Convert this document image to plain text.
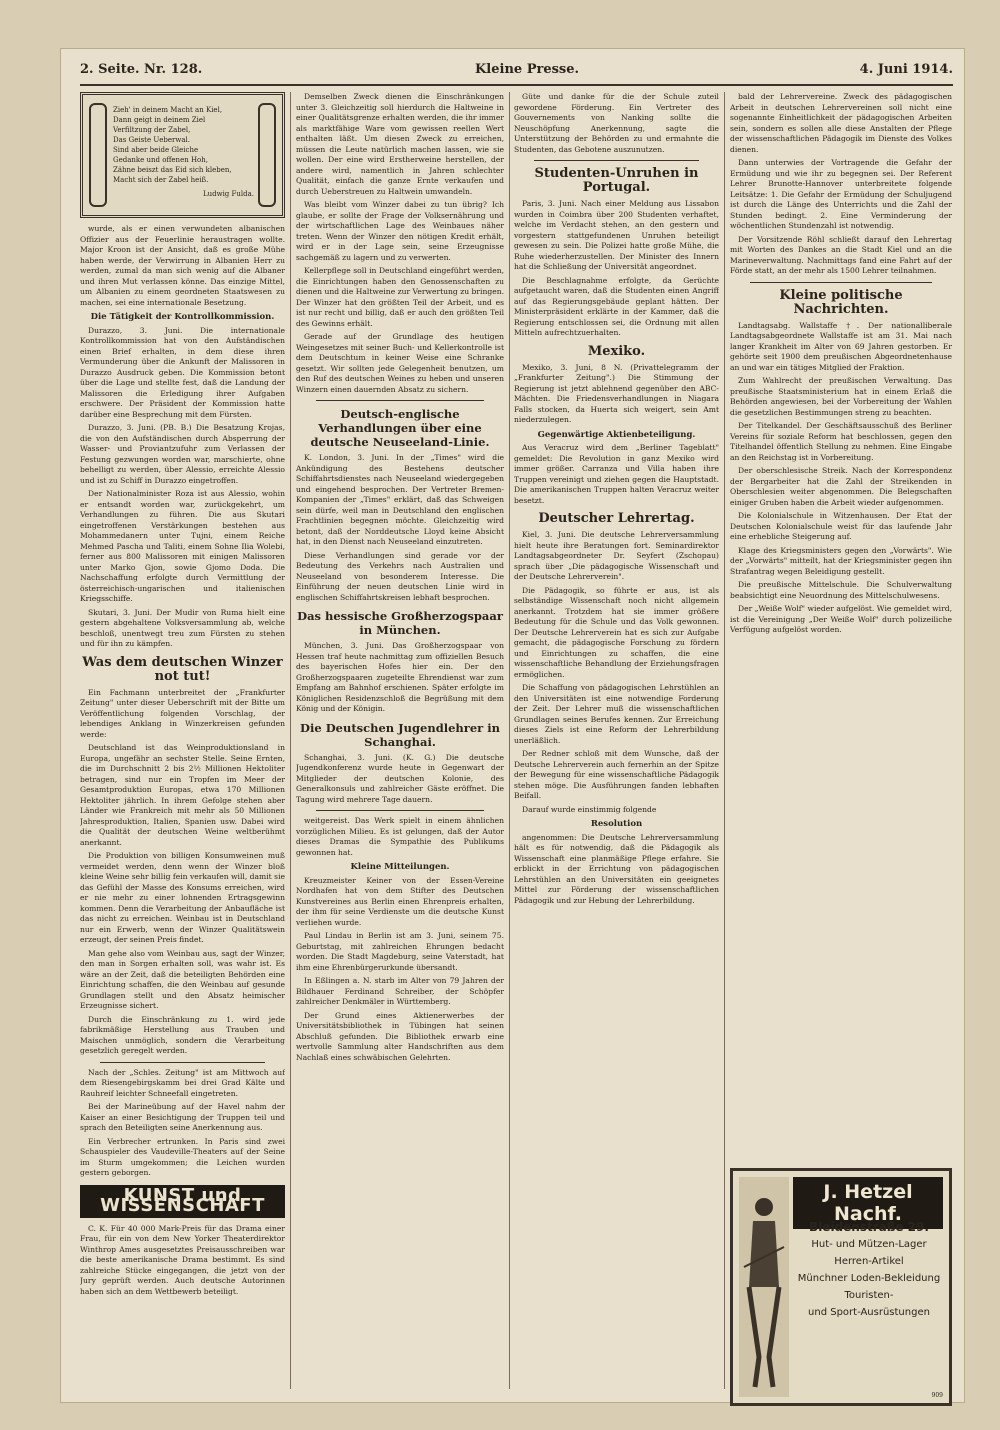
2. Seite. Nr. 128.	Kleine Presse.	4. Juni 1914.
Zieh' in deinem Macht an Kiel,
Dann geigt in deinem Ziel
Verfiltzung der Zabel,
Das Geiste Ueberwal.
Sind aber beide Gleiche
Gedanke und offenen Hoh,
Zähne beiszt das Eid sich kleben,
Macht sich der Zabel heiß.
Ludwig Fulda.

wurde, als er einen verwundeten albanischen Offizier aus der Feuerlinie heraustragen wollte. Major Kroon ist der Ansicht, daß es große Mühe haben werde, der Verwirrung in Albanien Herr zu werden, zumal da man sich wenig auf die Albaner und ihren Mut verlassen könne. Das einzige Mittel, um Albanien zu einem geordneten Staatswesen zu machen, sei eine internationale Besetzung.

Die Tätigkeit der Kontrollkommission.

Durazzo, 3. Juni. Die internationale Kontrollkommission hat von den Aufständischen einen Brief erhalten, in dem diese ihren Vermunderung über die Ankunft der Malissoren in Durazzo Ausdruck geben. Die Kommission betont über die Lage und stellte fest, daß die Landung der Malissoren die Erledigung ihrer Aufgaben erschwere. Der Präsident der Kommission hatte darüber eine Besprechung mit dem Fürsten.

Durazzo, 3. Juni. (PB. B.) Die Besatzung Krojas, die von den Aufständischen durch Absperrung der Wasser- und Proviantzufuhr zum Verlassen der Festung gezwungen worden war, marschierte, ohne behelligt zu werden, über Alessio, erreichte Alessio und ist zu Schiff in Durazzo eingetroffen.

Der Nationalminister Roza ist aus Alessio, wohin er entsandt worden war, zurückgekehrt, um Verhandlungen zu führen. Die aus Skutari eingetroffenen Verstärkungen bestehen aus Mohammedanern unter Tujni, einem Reiche Mehmed Pascha und Taliti, einem Sohne Ilia Wolebi, ferner aus 800 Malissoren mit einigen Malissoren unter Marko Gjon, sowie Gjomo Doda. Die Nachschaffung erfolgte durch Vermittlung der österreichisch-ungarischen und italienischen Kriegsschiffe.

Skutari, 3. Juni. Der Mudir von Ruma hielt eine gestern abgehaltene Volksversammlung ab, welche beschloß, unentwegt treu zum Fürsten zu stehen und für ihn zu kämpfen.

Was dem deutschen Winzer not tut!

Ein Fachmann unterbreitet der „Frankfurter Zeitung" unter dieser Ueberschrift mit der Bitte um Veröffentlichung folgenden Vorschlag, der lebendiges Anklang in Winzerkreisen gefunden werde:

Deutschland ist das Weinproduktionsland in Europa, ungefähr an sechster Stelle. Seine Ernten, die im Durchschnitt 2 bis 2½ Millionen Hektoliter betragen, sind nur ein Tropfen im Meer der Gesamtproduktion Europas, etwa 170 Millionen Hektoliter jährlich. In ihrem Gefolge stehen aber Länder wie Frankreich mit mehr als 50 Millionen Jahresproduktion, Italien, Spanien usw. Dabei wird die Qualität der deutschen Weine weltberühmt anerkannt.

Die Produktion von billigen Konsumweinen muß vermeidet werden, denn wenn der Winzer bloß kleine Weine sehr billig fein verkaufen will, damit sie das Gefühl der Masse des Konsums erreichen, wird er nie mehr zu einer lohnenden Ertragsgewinn kommen. Denn die Verarbeitung der Anbaufläche ist das nicht zu erreichen. Weinbau ist in Deutschland nur ein Erwerb, wenn der Winzer Qualitätswein erzeugt, der seinen Preis findet.

Man gehe also vom Weinbau aus, sagt der Winzer, den man in Sorgen erhalten soll, was wahr ist. Es wäre an der Zeit, daß die beteiligten Behörden eine Einrichtung schaffen, die den Weinbau auf gesunde Grundlagen stellt und den Absatz heimischer Erzeugnisse sichert.

Durch die Einschränkung zu 1. wird jede fabrikmäßige Herstellung aus Trauben und Maischen unmöglich, sondern die Verarbeitung gesetzlich geregelt werden.

Nach der „Schles. Zeitung" ist am Mittwoch auf dem Riesengebirgskamm bei drei Grad Kälte und Rauhreif leichter Schneefall eingetreten.

Bei der Marineübung auf der Havel nahm der Kaiser an einer Besichtigung der Truppen teil und sprach den Beteiligten seine Anerkennung aus.

Ein Verbrecher ertrunken. In Paris sind zwei Schauspieler des Vaudeville-Theaters auf der Seine im Sturm umgekommen; die Leichen wurden gestern geborgen.

KUNST und WISSENSCHAFT

C. K. Für 40 000 Mark-Preis für das Drama einer Frau, für ein von dem New Yorker Theaterdirektor Winthrop Ames ausgesetztes Preisausschreiben war die beste amerikanische Drama bestimmt. Es sind zahlreiche Stücke eingegangen, die jetzt von der Jury geprüft werden. Auch deutsche Autorinnen haben sich an dem Wettbewerb beteiligt.

Demselben Zweck dienen die Einschränkungen unter 3. Gleichzeitig soll hierdurch die Haltweine in einer Qualitätsgrenze erhalten werden, die ihr immer als marktfähige Ware vom gewissen reellen Wert enthalten läßt. Um diesen Zweck zu erreichen, müssen die Leute natürlich machen lassen, wie sie wollen. Der eine wird Erstherweine herstellen, der andere wird, namentlich in Jahren schlechter Qualität, einfach die ganze Ernte verkaufen und durch Ueberstreuen zu Haltwein umwandeln.

Was bleibt vom Winzer dabei zu tun übrig? Ich glaube, er sollte der Frage der Volksernährung und der wirtschaftlichen Lage des Weinbaues näher treten. Wenn der Winzer den nötigen Kredit erhält, wird er in der Lage sein, seine Erzeugnisse sachgemäß zu lagern und zu verwerten.

Kellerpflege soll in Deutschland eingeführt werden, die Einrichtungen haben den Genossenschaften zu dienen und die Haltweine zur Verwertung zu bringen. Der Winzer hat den größten Teil der Arbeit, und es ist nur recht und billig, daß er auch den größten Teil des Gewinns erhält.

Gerade auf der Grundlage des heutigen Weingesetzes mit seiner Buch- und Kellerkontrolle ist dem Deutschtum in keiner Weise eine Schranke gesetzt. Wir sollten jede Gelegenheit benutzen, um den Ruf des deutschen Weines zu heben und unseren Winzern einen dauernden Absatz zu sichern.

Deutsch-englische Verhandlungen über eine deutsche Neuseeland-Linie.

K. London, 3. Juni. In der „Times" wird die Ankündigung des Bestehens deutscher Schiffahrtsdienstes nach Neuseeland wiedergegeben und eingehend besprochen. Der Vertreter Bremen-Kompanien der „Times" erklärt, daß das Schweigen sein dürfe, weil man in Deutschland den englischen Frachtlinien begegnen möchte. Gleichzeitig wird betont, daß der Norddeutsche Lloyd keine Absicht hat, in den Dienst nach Neuseeland einzutreten.

Diese Verhandlungen sind gerade vor der Bedeutung des Verkehrs nach Australien und Neuseeland von besonderem Interesse. Die Einführung der neuen deutschen Linie wird in englischen Schiffahrtskreisen lebhaft besprochen.

Das hessische Großherzogspaar in München.

München, 3. Juni. Das Großherzogspaar von Hessen traf heute nachmittag zum offiziellen Besuch des bayerischen Hofes hier ein. Der den Großherzogspaaren zugeteilte Ehrendienst war zum Empfang am Bahnhof erschienen. Später erfolgte im Königlichen Residenzschloß die Begrüßung mit dem König und der Königin.

Die Deutschen Jugendlehrer in Schanghai.

Schanghai, 3. Juni. (K. G.) Die deutsche Jugendkonferenz wurde heute in Gegenwart der Mitglieder der deutschen Kolonie, des Generalkonsuls und zahlreicher Gäste eröffnet. Die Tagung wird mehrere Tage dauern.

weitgereist. Das Werk spielt in einem ähnlichen vorzüglichen Milieu. Es ist gelungen, daß der Autor dieses Dramas die Sympathie des Publikums gewonnen hat.

Kleine Mitteilungen.

Kreuzmeister Keiner von der Essen-Vereine Nordhafen hat von dem Stifter des Deutschen Kunstvereines aus Berlin einen Ehrenpreis erhalten, der ihm für seine Verdienste um die deutsche Kunst verliehen wurde.

Paul Lindau in Berlin ist am 3. Juni, seinem 75. Geburtstag, mit zahlreichen Ehrungen bedacht worden. Die Stadt Magdeburg, seine Vaterstadt, hat ihm eine Ehrenbürgerurkunde übersandt.

In Eßlingen a. N. starb im Alter von 79 Jahren der Bildhauer Ferdinand Schreiber, der Schöpfer zahlreicher Denkmäler in Württemberg.

Der Grund eines Aktienerwerbes der Universitätsbibliothek in Tübingen hat seinen Abschluß gefunden. Die Bibliothek erwarb eine wertvolle Sammlung alter Handschriften aus dem Nachlaß eines schwäbischen Gelehrten.

Güte und danke für die der Schule zuteil gewordene Förderung. Ein Vertreter des Gouvernements von Nanking sollte die Neuschöpfung Anerkennung, sagte die Unterstützung der Behörden zu und ermahnte die Studenten, das Gebotene auszunutzen.

Studenten-Unruhen in Portugal.

Paris, 3. Juni. Nach einer Meldung aus Lissabon wurden in Coimbra über 200 Studenten verhaftet, welche im Verdacht stehen, an den gestern und vorgestern stattgefundenen Unruhen beteiligt gewesen zu sein. Die Polizei hatte große Mühe, die Ruhe wiederherzustellen. Der Minister des Innern hat die Schließung der Universität angeordnet.

Die Beschlagnahme erfolgte, da Gerüchte aufgetaucht waren, daß die Studenten einen Angriff auf das Regierungsgebäude geplant hätten. Der Ministerpräsident erklärte in der Kammer, daß die Regierung entschlossen sei, die Ordnung mit allen Mitteln aufrechtzuerhalten.

Mexiko.

Mexiko, 3. Juni, 8 N. (Privattelegramm der „Frankfurter Zeitung".) Die Stimmung der Regierung ist jetzt ablehnend gegenüber den ABC-Mächten. Die Friedensverhandlungen in Niagara Falls stocken, da Huerta sich weigert, sein Amt niederzulegen.

Gegenwärtige Aktienbeteiligung.

Aus Veracruz wird dem „Berliner Tageblatt" gemeldet: Die Revolution in ganz Mexiko wird immer größer. Carranza und Villa haben ihre Truppen vereinigt und ziehen gegen die Hauptstadt. Die amerikanischen Truppen halten Veracruz weiter besetzt.

Deutscher Lehrertag.

Kiel, 3. Juni. Die deutsche Lehrerversammlung hielt heute ihre Beratungen fort. Seminardirektor Landtagsabgeordneter Dr. Seyfert (Zschopau) sprach über „Die pädagogische Wissenschaft und der Deutsche Lehrerverein".

Die Pädagogik, so führte er aus, ist als selbständige Wissenschaft noch nicht allgemein anerkannt. Trotzdem hat sie immer größere Bedeutung für die Schule und das Volk gewonnen. Der Deutsche Lehrerverein hat es sich zur Aufgabe gemacht, die pädagogische Forschung zu fördern und Einrichtungen zu schaffen, die eine wissenschaftliche Behandlung der Erziehungsfragen ermöglichen.

Die Schaffung von pädagogischen Lehrstühlen an den Universitäten ist eine notwendige Forderung der Zeit. Der Lehrer muß die wissenschaftlichen Grundlagen seines Berufes kennen. Zur Erreichung dieses Ziels ist eine Reform der Lehrerbildung unerläßlich.

Der Redner schloß mit dem Wunsche, daß der Deutsche Lehrerverein auch fernerhin an der Spitze der Bewegung für eine wissenschaftliche Pädagogik stehen möge. Die Ausführungen fanden lebhaften Beifall.

Darauf wurde einstimmig folgende

Resolution

angenommen: Die Deutsche Lehrerversammlung hält es für notwendig, daß die Pädagogik als Wissenschaft eine planmäßige Pflege erfahre. Sie erblickt in der Errichtung von pädagogischen Lehrstühlen an den Universitäten ein geeignetes Mittel zur Förderung der wissenschaftlichen Pädagogik und zur Hebung der Lehrerbildung.

bald der Lehrervereine. Zweck des pädagogischen Arbeit in deutschen Lehrervereinen soll nicht eine sogenannte Einheitlichkeit der pädagogischen Arbeiten sein, sondern es sollen alle diese Anstalten der Pflege der wissenschaftlichen Pädagogik im Dienste des Volkes dienen.

Dann unterwies der Vortragende die Gefahr der Ermüdung und wie ihr zu begegnen sei. Der Referent Lehrer Brunotte-Hannover unterbreitete folgende Leitsätze: 1. Die Gefahr der Ermüdung der Schuljugend ist durch die Länge des Unterrichts und die Zahl der Stunden bedingt. 2. Eine Verminderung der wöchentlichen Stundenzahl ist notwendig.

Der Vorsitzende Röhl schließt darauf den Lehrertag mit Worten des Dankes an die Stadt Kiel und an die Marineverwaltung. Nachmittags fand eine Fahrt auf der Förde statt, an der mehr als 1500 Lehrer teilnahmen.

Kleine politische Nachrichten.

Landtagsabg. Wallstaffe †. Der nationalliberale Landtagsabgeordnete Wallstaffe ist am 31. Mai nach langer Krankheit im Alter von 69 Jahren gestorben. Er gehörte seit 1900 dem preußischen Abgeordnetenhause an und war ein tätiges Mitglied der Fraktion.

Zum Wahlrecht der preußischen Verwaltung. Das preußische Staatsministerium hat in einem Erlaß die Behörden angewiesen, bei der Vorbereitung der Wahlen die gesetzlichen Bestimmungen streng zu beachten.

Der Titelkandel. Der Geschäftsausschuß des Berliner Vereins für soziale Reform hat beschlossen, gegen den Titelhandel öffentlich Stellung zu nehmen. Eine Eingabe an den Reichstag ist in Vorbereitung.

Der oberschlesische Streik. Nach der Korrespondenz der Bergarbeiter hat die Zahl der Streikenden in Oberschlesien weiter abgenommen. Die Belegschaften einiger Gruben haben die Arbeit wieder aufgenommen.

Die Kolonialschule in Witzenhausen. Der Etat der Deutschen Kolonialschule weist für das laufende Jahr eine erhebliche Steigerung auf.

Klage des Kriegsministers gegen den „Vorwärts". Wie der „Vorwärts" mitteilt, hat der Kriegsminister gegen ihn Strafantrag wegen Beleidigung gestellt.

Die preußische Mittelschule. Die Schulverwaltung beabsichtigt eine Neuordnung des Mittelschulwesens.

Der „Weiße Wolf" wieder aufgelöst. Wie gemeldet wird, ist die Vereinigung „Der Weiße Wolf" durch polizeiliche Verfügung aufgelöst worden.

J. Hetzel Nachf.
Bleidenstraße 29.
Hut- und Mützen-Lager
Herren-Artikel
Münchner Loden-Bekleidung
Touristen-
und Sport-Ausrüstungen
909
